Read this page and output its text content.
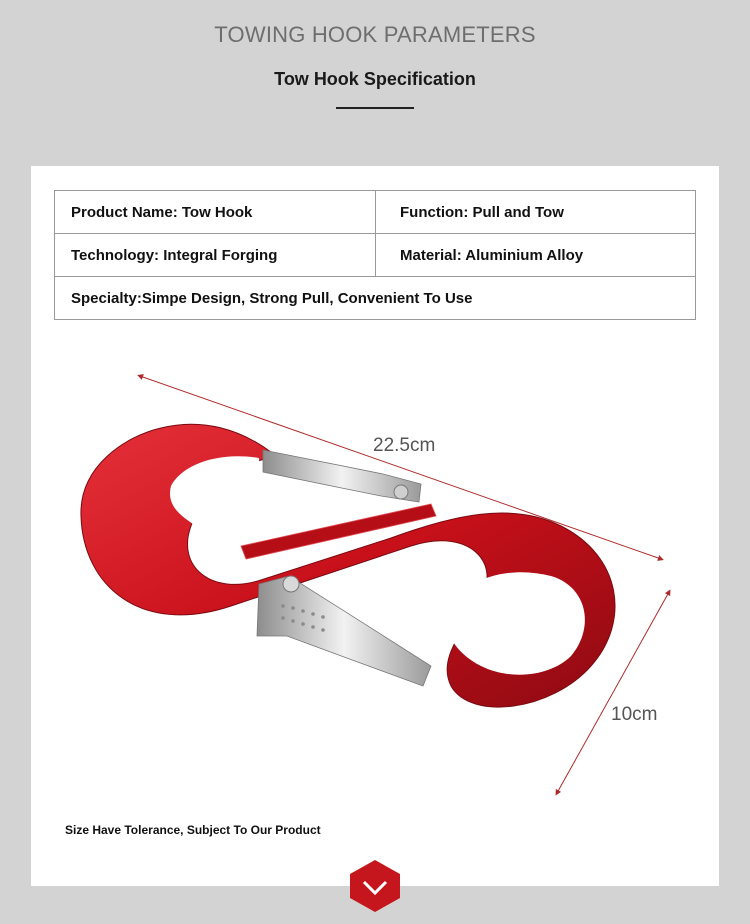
TOWING HOOK PARAMETERS
Tow Hook Specification
Product Name: Tow Hook	Function: Pull and Tow
Technology: Integral Forging	Material: Aluminium Alloy
Specialty:Simpe Design, Strong Pull, Convenient To Use	
22.5cm
10cm
Size Have Tolerance, Subject To Our Product
